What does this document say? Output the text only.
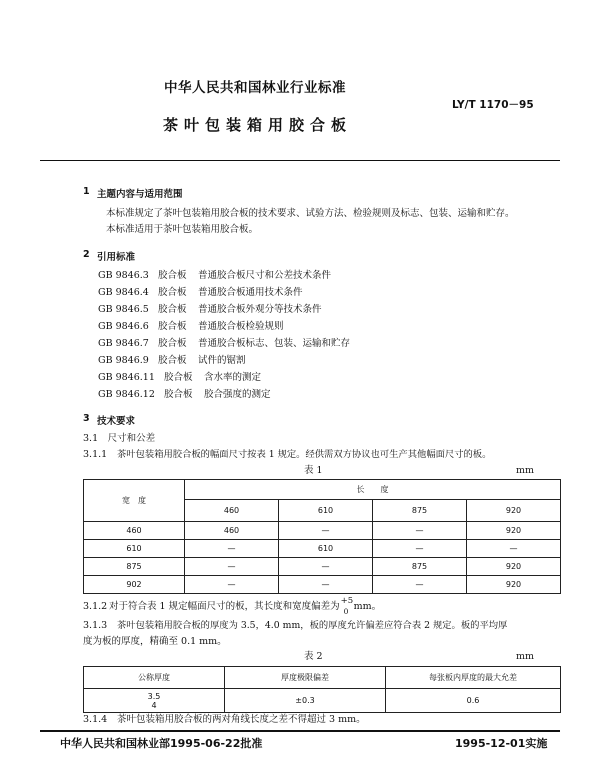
中华人民共和国林业行业标准
LY/T 1170－95
茶叶包装箱用胶合板
1 主题内容与适用范围
本标准规定了茶叶包装箱用胶合板的技术要求、试验方法、检验规则及标志、包装、运输和贮存。
本标准适用于茶叶包装箱用胶合板。
2 引用标准
GB 9846.3 胶合板 普通胶合板尺寸和公差技术条件
GB 9846.4 胶合板 普通胶合板通用技术条件
GB 9846.5 胶合板 普通胶合板外观分等技术条件
GB 9846.6 胶合板 普通胶合板检验规则
GB 9846.7 胶合板 普通胶合板标志、包装、运输和贮存
GB 9846.9 胶合板 试件的锯割
GB 9846.11 胶合板 含水率的测定
GB 9846.12 胶合板 胶合强度的测定
3 技术要求
3.1　尺寸和公差
3.1.1 茶叶包装箱用胶合板的幅面尺寸按表 1 规定。经供需双方协议也可生产其他幅面尺寸的板。
表 1	mm
宽　度	长　　度			
	460	610	875	920
460	460	—	—	920
610	—	610	—	—
875	—	—	875	920
902	—	—	—	920
3.1.2 对于符合表 1 规定幅面尺寸的板，其长度和宽度偏差为 +5
0 mm。
3.1.3 茶叶包装箱用胶合板的厚度为 3.5，4.0 mm，板的厚度允许偏差应符合表 2 规定。板的平均厚
度为板的厚度，精确至 0.1 mm。
表 2	mm
公称厚度	厚度极限偏差	每张板内厚度的最大允差

3.5
4	±0.3	0.6
3.1.4 茶叶包装箱用胶合板的两对角线长度之差不得超过 3 mm。
中华人民共和国林业部1995-06-22批准	1995-12-01实施
